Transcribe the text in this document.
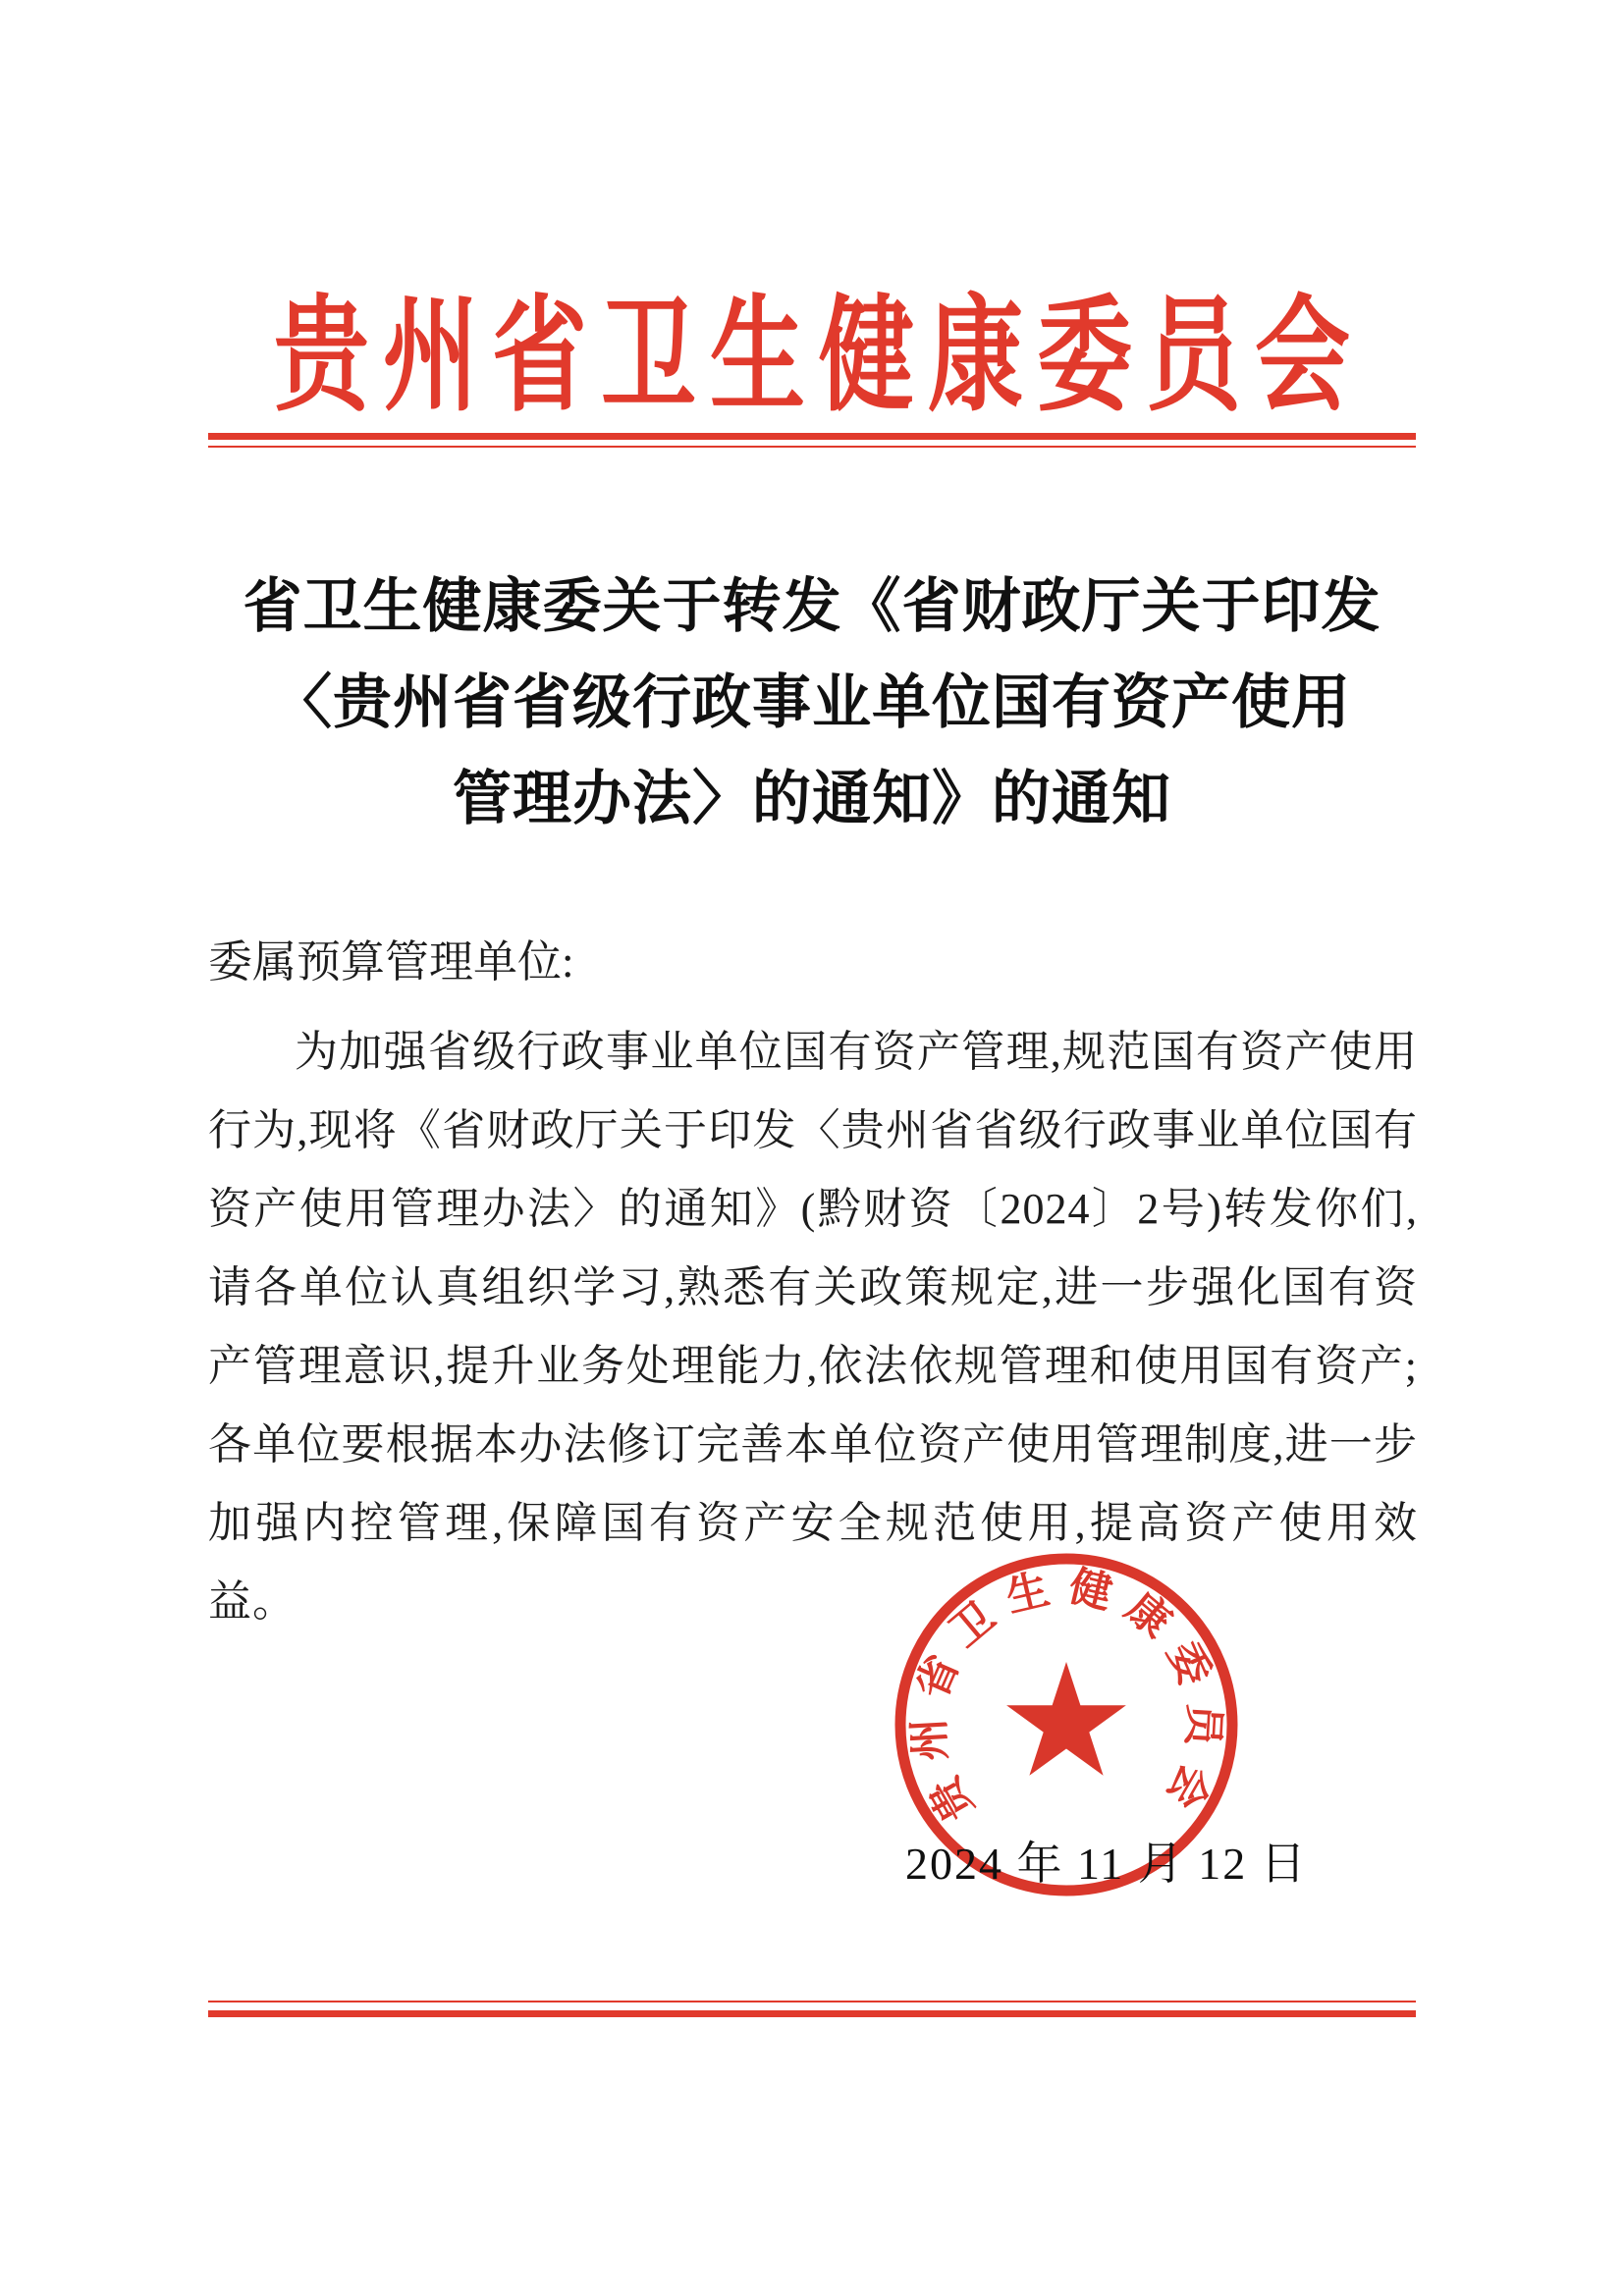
贵州省卫生健康委员会
省卫生健康委关于转发《省财政厅关于印发
〈贵州省省级行政事业单位国有资产使用
管理办法〉的通知》的通知
委属预算管理单位:
为加强省级行政事业单位国有资产管理,规范国有资产使用行为,现将《省财政厅关于印发〈贵州省省级行政事业单位国有资产使用管理办法〉的通知》(黔财资〔2024〕2号)转发你们,请各单位认真组织学习,熟悉有关政策规定,进一步强化国有资产管理意识,提升业务处理能力,依法依规管理和使用国有资产;各单位要根据本办法修订完善本单位资产使用管理制度,进一步加强内控管理,保障国有资产安全规范使用,提高资产使用效益。
贵州省卫生健康委员会
2024 年 11 月 12 日
